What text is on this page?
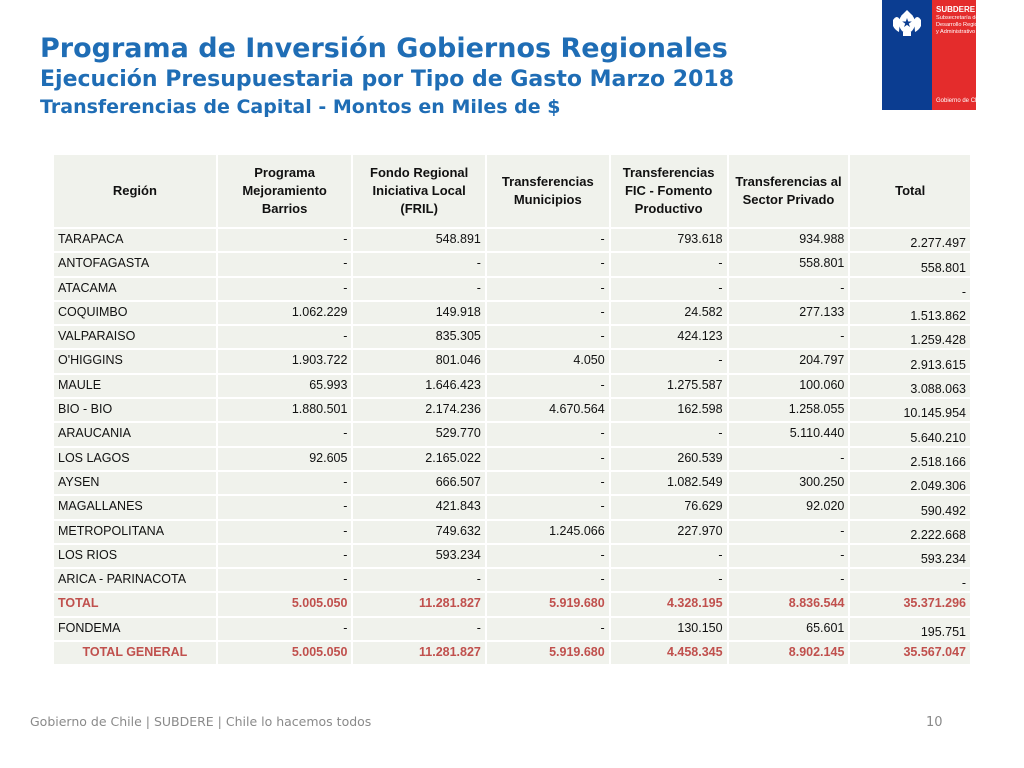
Programa de Inversión Gobiernos Regionales
Ejecución Presupuestaria por Tipo de Gasto Marzo 2018
Transferencias de Capital - Montos en Miles de $
SUBDERE
Subsecretaría de
Desarrollo Regional
y Administrativo
Gobierno de Chile
Región	Programa Mejoramiento Barrios	Fondo Regional Iniciativa Local (FRIL)	Transferencias Municipios	Transferencias FIC - Fomento Productivo	Transferencias al Sector Privado	Total
TARAPACA	-	548.891	-	793.618	934.988	2.277.497
ANTOFAGASTA	-	-	-	-	558.801	558.801
ATACAMA	-	-	-	-	-	-
COQUIMBO	1.062.229	149.918	-	24.582	277.133	1.513.862
VALPARAISO	-	835.305	-	424.123	-	1.259.428
O'HIGGINS	1.903.722	801.046	4.050	-	204.797	2.913.615
MAULE	65.993	1.646.423	-	1.275.587	100.060	3.088.063
BIO - BIO	1.880.501	2.174.236	4.670.564	162.598	1.258.055	10.145.954
ARAUCANIA	-	529.770	-	-	5.110.440	5.640.210
LOS LAGOS	92.605	2.165.022	-	260.539	-	2.518.166
AYSEN	-	666.507	-	1.082.549	300.250	2.049.306
MAGALLANES	-	421.843	-	76.629	92.020	590.492
METROPOLITANA	-	749.632	1.245.066	227.970	-	2.222.668
LOS RIOS	-	593.234	-	-	-	593.234
ARICA - PARINACOTA	-	-	-	-	-	-
TOTAL	5.005.050	11.281.827	5.919.680	4.328.195	8.836.544	35.371.296
FONDEMA	-	-	-	130.150	65.601	195.751
TOTAL GENERAL	5.005.050	11.281.827	5.919.680	4.458.345	8.902.145	35.567.047
Gobierno de Chile | SUBDERE | Chile lo hacemos todos	10
